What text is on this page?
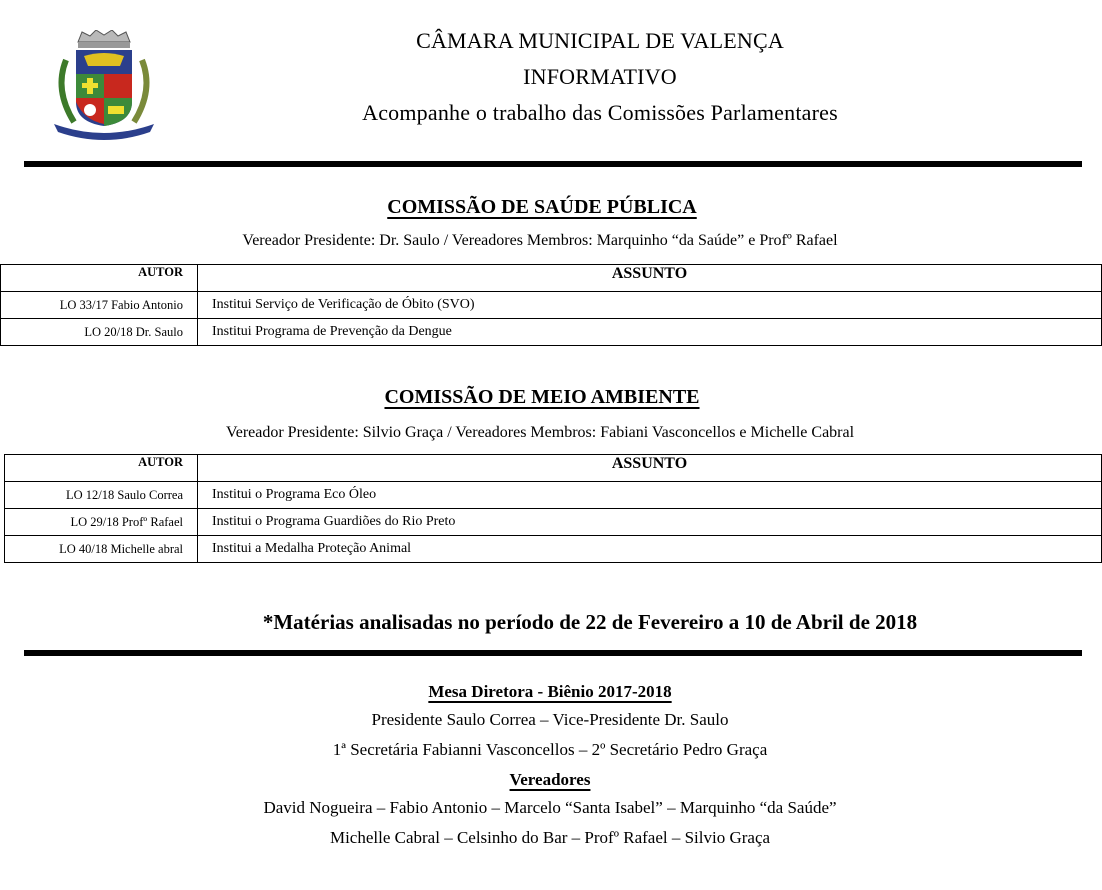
CÂMARA MUNICIPAL DE VALENÇA
INFORMATIVO
Acompanhe o trabalho das Comissões Parlamentares
COMISSÃO DE SAÚDE PÚBLICA
Vereador Presidente: Dr. Saulo / Vereadores Membros: Marquinho “da Saúde” e Profº Rafael
AUTOR	ASSUNTO
LO 33/17 Fabio Antonio	Institui Serviço de Verificação de Óbito (SVO)
LO 20/18 Dr. Saulo	Institui Programa de Prevenção da Dengue
COMISSÃO DE MEIO AMBIENTE
Vereador Presidente: Silvio Graça / Vereadores Membros: Fabiani Vasconcellos e Michelle Cabral
AUTOR	ASSUNTO
LO 12/18 Saulo Correa	Institui o Programa Eco Óleo
LO 29/18 Profº Rafael	Institui o Programa Guardiões do Rio Preto
LO 40/18 Michelle abral	Institui a Medalha Proteção Animal
*Matérias analisadas no período de 22 de Fevereiro a 10 de Abril de 2018
Mesa Diretora - Biênio 2017-2018
Presidente Saulo Correa – Vice-Presidente Dr. Saulo
1ª Secretária Fabianni Vasconcellos – 2º Secretário Pedro Graça
Vereadores
David Nogueira – Fabio Antonio – Marcelo “Santa Isabel” – Marquinho “da Saúde”
Michelle Cabral – Celsinho do Bar – Profº Rafael – Silvio Graça
